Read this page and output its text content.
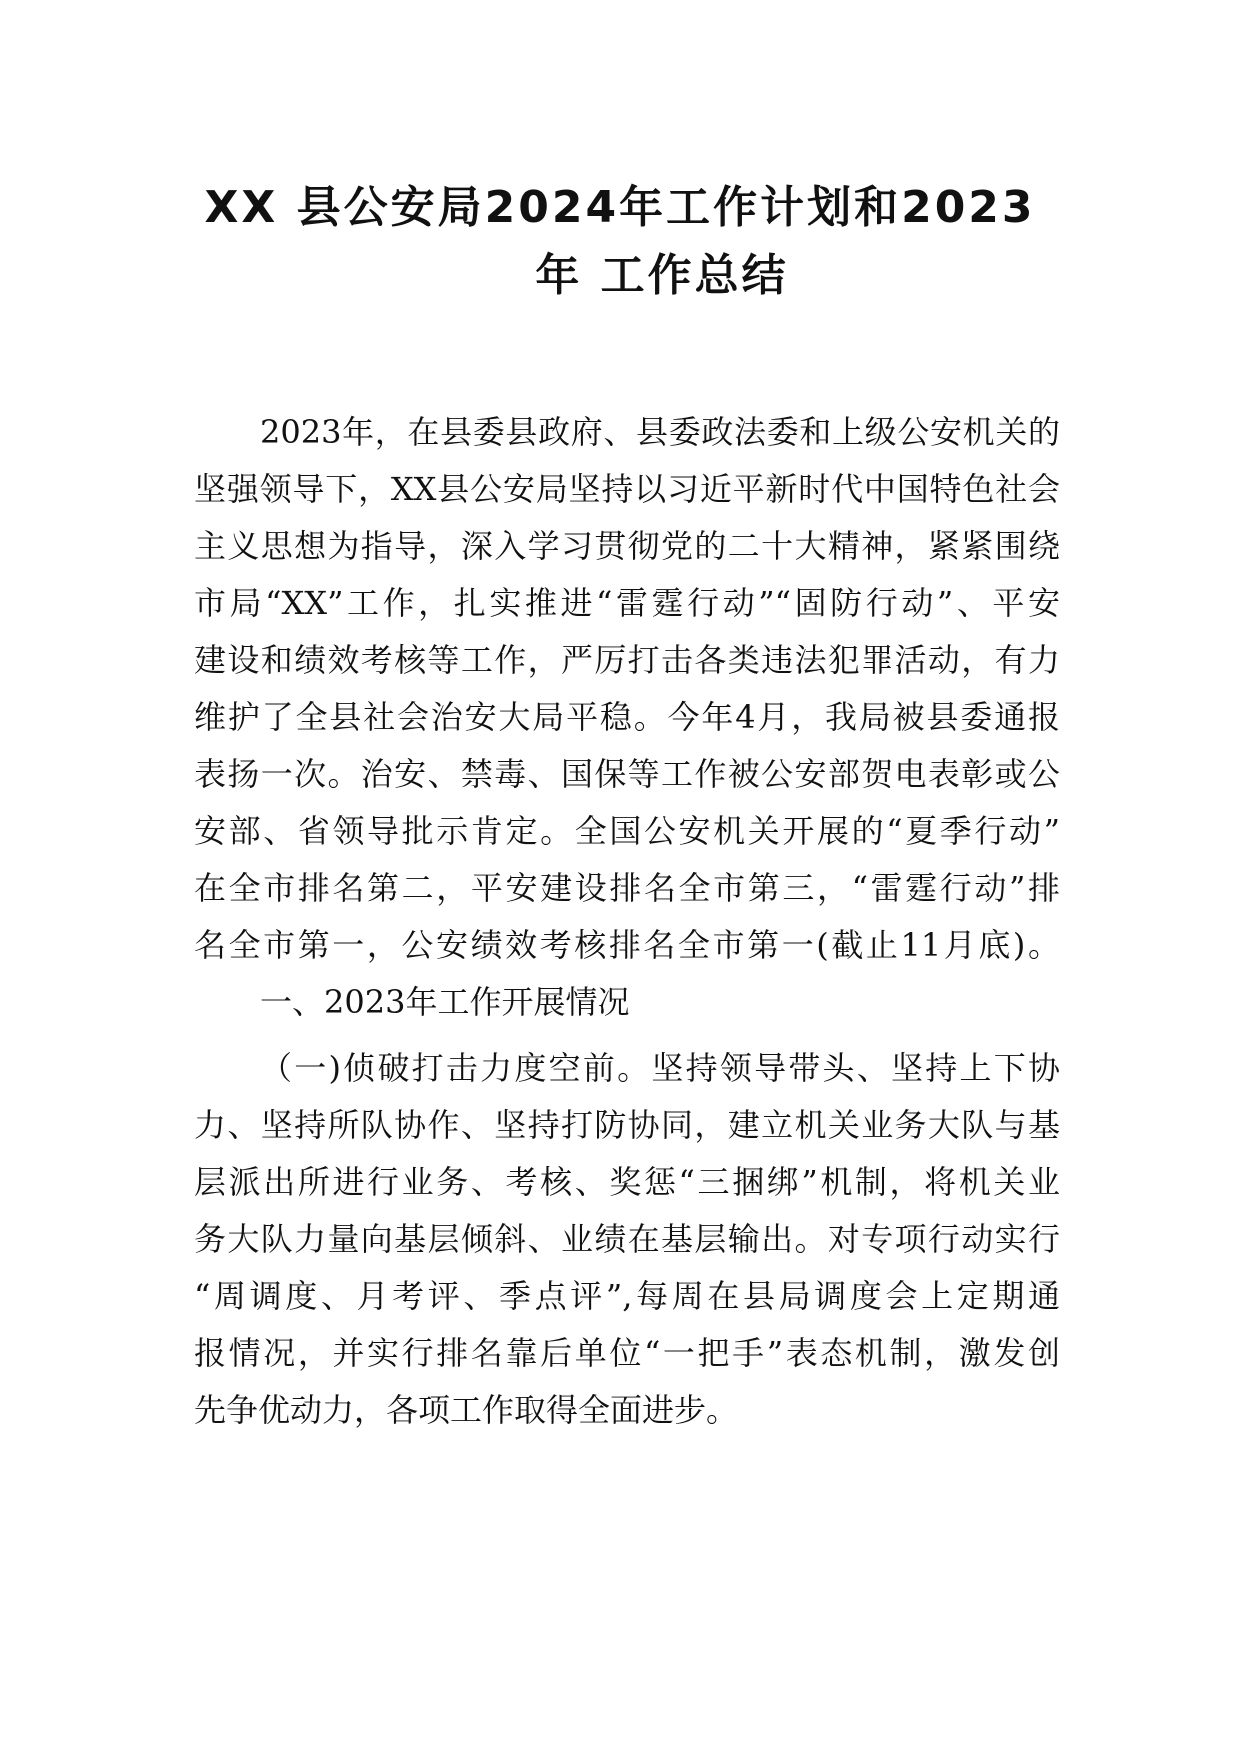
XX 县公安局2024年工作计划和2023
年 工作总结
2023年，在县委县政府、县委政法委和上级公安机关的
坚强领导下，XX县公安局坚持以习近平新时代中国特色社会
主义思想为指导，深入学习贯彻党的二十大精神，紧紧围绕
市局“XX”工作，扎实推进“雷霆行动”“固防行动”、平安
建设和绩效考核等工作，严厉打击各类违法犯罪活动，有力
维护了全县社会治安大局平稳。今年4月，我局被县委通报
表扬一次。治安、禁毒、国保等工作被公安部贺电表彰或公
安部、省领导批示肯定。全国公安机关开展的“夏季行动”
在全市排名第二，平安建设排名全市第三，“雷霆行动”排
名全市第一，公安绩效考核排名全市第一(截止11月底)。
一、2023年工作开展情况
（一)侦破打击力度空前。坚持领导带头、坚持上下协
力、坚持所队协作、坚持打防协同，建立机关业务大队与基
层派出所进行业务、考核、奖惩“三捆绑”机制，将机关业
务大队力量向基层倾斜、业绩在基层输出。对专项行动实行
“周调度、月考评、季点评”,每周在县局调度会上定期通
报情况，并实行排名靠后单位“一把手”表态机制，激发创
先争优动力，各项工作取得全面进步。
